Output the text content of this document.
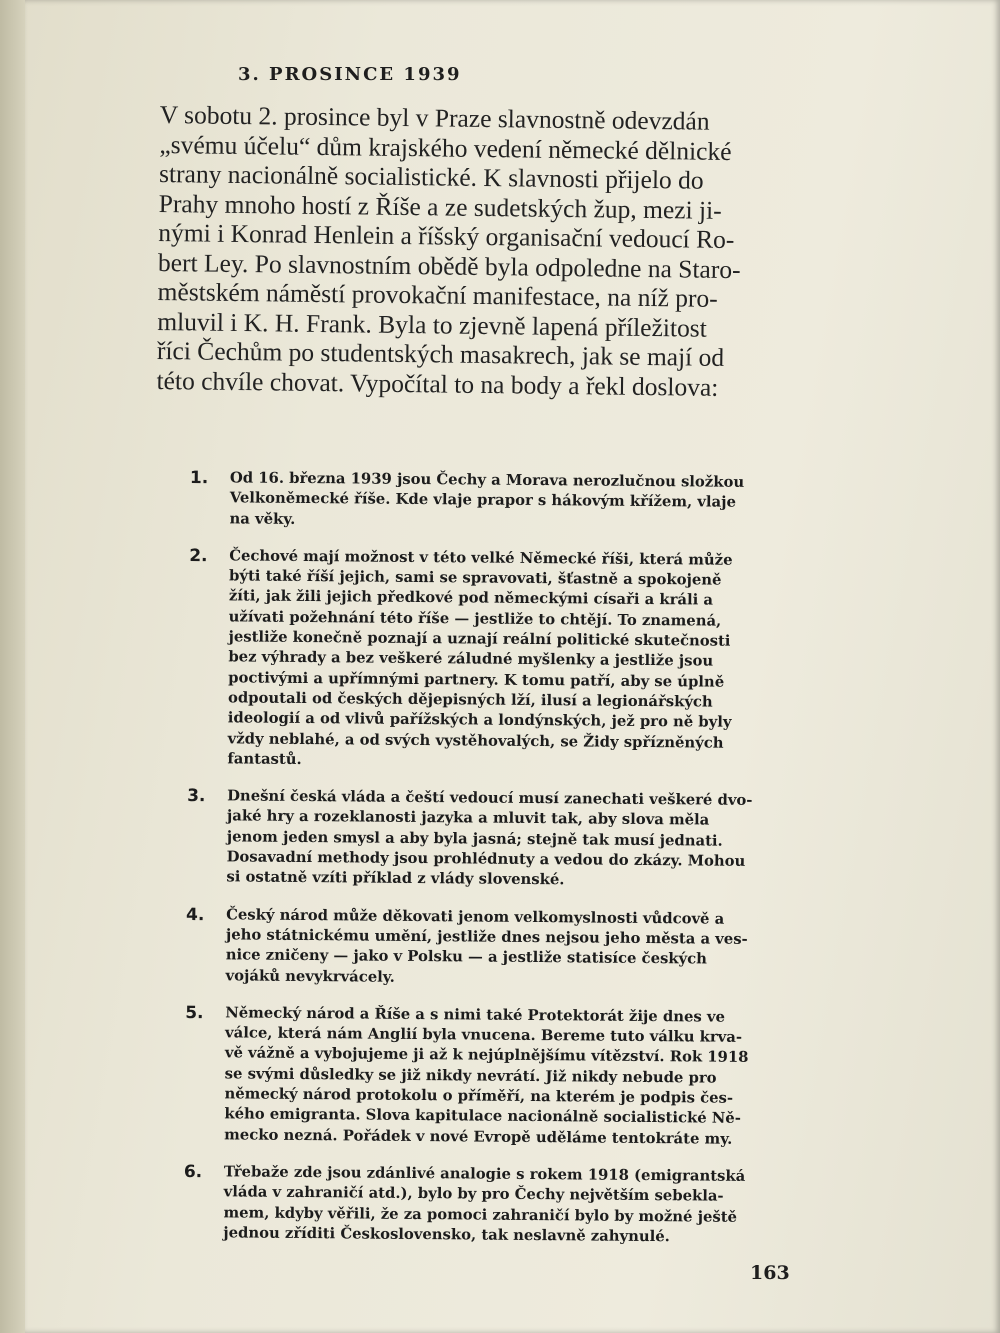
3. PROSINCE 1939

V sobotu 2. prosince byl v Praze slavnostně odevzdán
„svému účelu“ dům krajského vedení německé dělnické
strany nacionálně socialistické. K slavnosti přijelo do
Prahy mnoho hostí z Říše a ze sudetských žup, mezi ji-
nými i Konrad Henlein a říšský organisační vedoucí Ro-
bert Ley. Po slavnostním obědě byla odpoledne na Staro-
městském náměstí provokační manifestace, na níž pro-
mluvil i K. H. Frank. Byla to zjevně lapená příležitost
říci Čechům po studentských masakrech, jak se mají od
této chvíle chovat. Vypočítal to na body a řekl doslova:

1. Od 16. března 1939 jsou Čechy a Morava nerozlučnou složkou
Velkoněmecké říše. Kde vlaje prapor s hákovým křížem, vlaje
na věky.
2. Čechové mají možnost v této velké Německé říši, která může
býti také říší jejich, sami se spravovati, šťastně a spokojeně
žíti, jak žili jejich předkové pod německými císaři a králi a
užívati požehnání této říše — jestliže to chtějí. To znamená,
jestliže konečně poznají a uznají reální politické skutečnosti
bez výhrady a bez veškeré záludné myšlenky a jestliže jsou
poctivými a upřímnými partnery. K tomu patří, aby se úplně
odpoutali od českých dějepisných lží, ilusí a legionářských
ideologií a od vlivů pařížských a londýnských, jež pro ně byly
vždy neblahé, a od svých vystěhovalých, se Židy spřízněných
fantastů.
3. Dnešní česká vláda a čeští vedoucí musí zanechati veškeré dvo-
jaké hry a rozeklanosti jazyka a mluvit tak, aby slova měla
jenom jeden smysl a aby byla jasná; stejně tak musí jednati.
Dosavadní methody jsou prohlédnuty a vedou do zkázy. Mohou
si ostatně vzíti příklad z vlády slovenské.
4. Český národ může děkovati jenom velkomyslnosti vůdcově a
jeho státnickému umění, jestliže dnes nejsou jeho města a ves-
nice zničeny — jako v Polsku — a jestliže statisíce českých
vojáků nevykrvácely.
5. Německý národ a Říše a s nimi také Protektorát žije dnes ve
válce, která nám Anglií byla vnucena. Bereme tuto válku krva-
vě vážně a vybojujeme ji až k nejúplnějšímu vítězství. Rok 1918
se svými důsledky se již nikdy nevrátí. Již nikdy nebude pro
německý národ protokolu o příměří, na kterém je podpis čes-
kého emigranta. Slova kapitulace nacionálně socialistické Ně-
mecko nezná. Pořádek v nové Evropě uděláme tentokráte my.
6. Třebaže zde jsou zdánlivé analogie s rokem 1918 (emigrantská
vláda v zahraničí atd.), bylo by pro Čechy největším sebekla-
mem, kdyby věřili, že za pomoci zahraničí bylo by možné ještě
jednou zříditi Československo, tak neslavně zahynulé.
163
